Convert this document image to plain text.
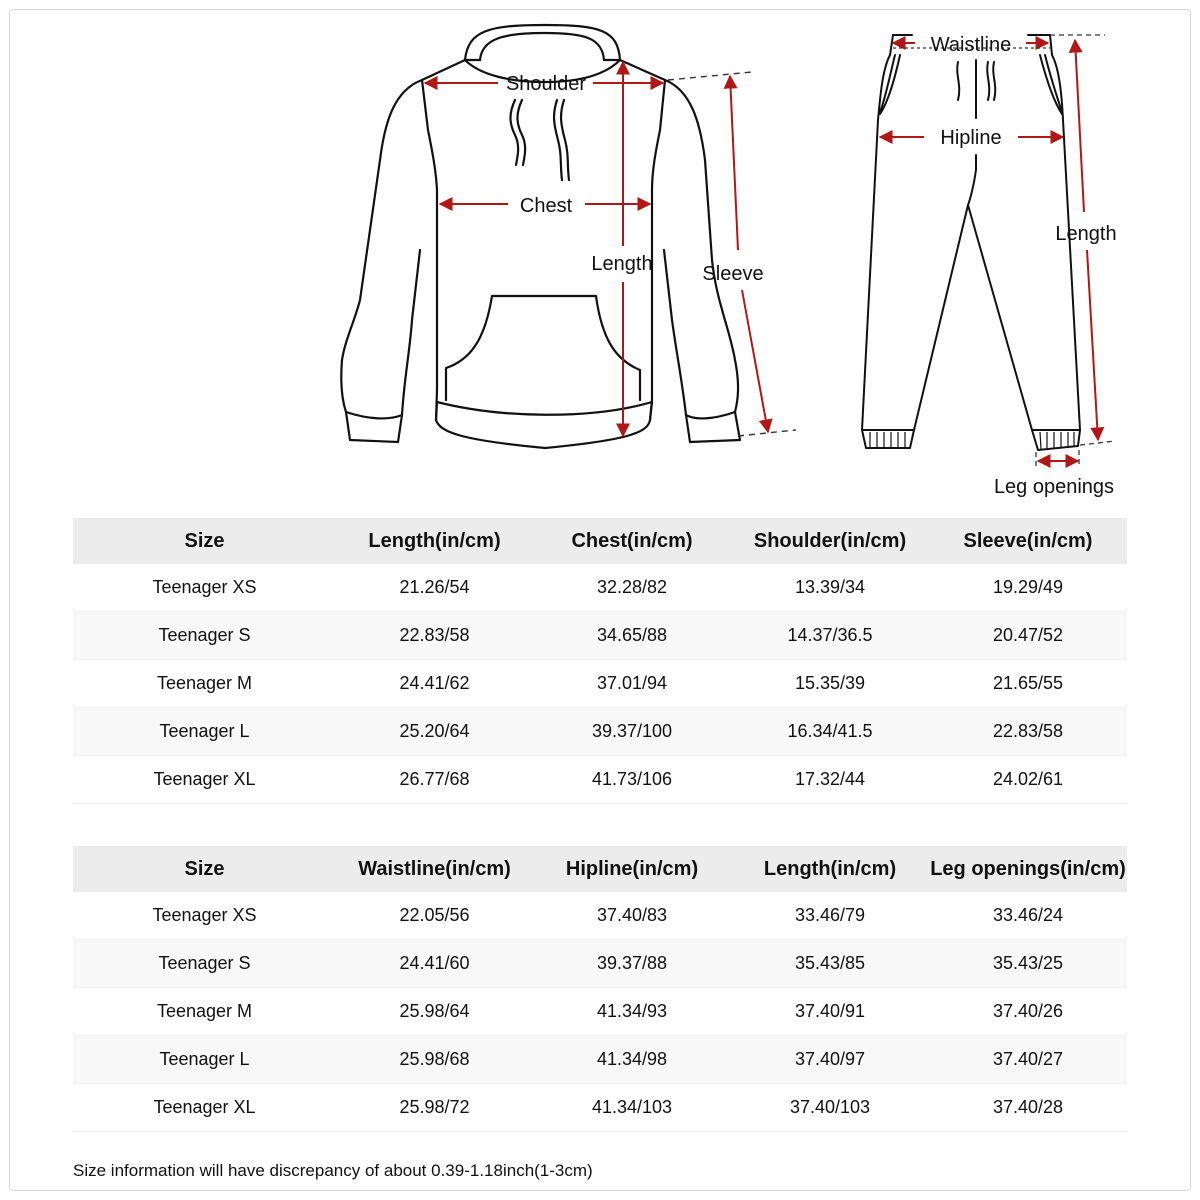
Shoulder
Chest
Length Sleeve
Waistline
Hipline
Length
Leg openings
Size	Length(in/cm)	Chest(in/cm)	Shoulder(in/cm)	Sleeve(in/cm)
Teenager XS	21.26/54	32.28/82	13.39/34	19.29/49
Teenager S	22.83/58	34.65/88	14.37/36.5	20.47/52
Teenager M	24.41/62	37.01/94	15.35/39	21.65/55
Teenager L	25.20/64	39.37/100	16.34/41.5	22.83/58
Teenager XL	26.77/68	41.73/106	17.32/44	24.02/61
Size	Waistline(in/cm)	Hipline(in/cm)	Length(in/cm)	Leg openings(in/cm)
Teenager XS	22.05/56	37.40/83	33.46/79	33.46/24
Teenager S	24.41/60	39.37/88	35.43/85	35.43/25
Teenager M	25.98/64	41.34/93	37.40/91	37.40/26
Teenager L	25.98/68	41.34/98	37.40/97	37.40/27
Teenager XL	25.98/72	41.34/103	37.40/103	37.40/28
Size information will have discrepancy of about 0.39-1.18inch(1-3cm)
